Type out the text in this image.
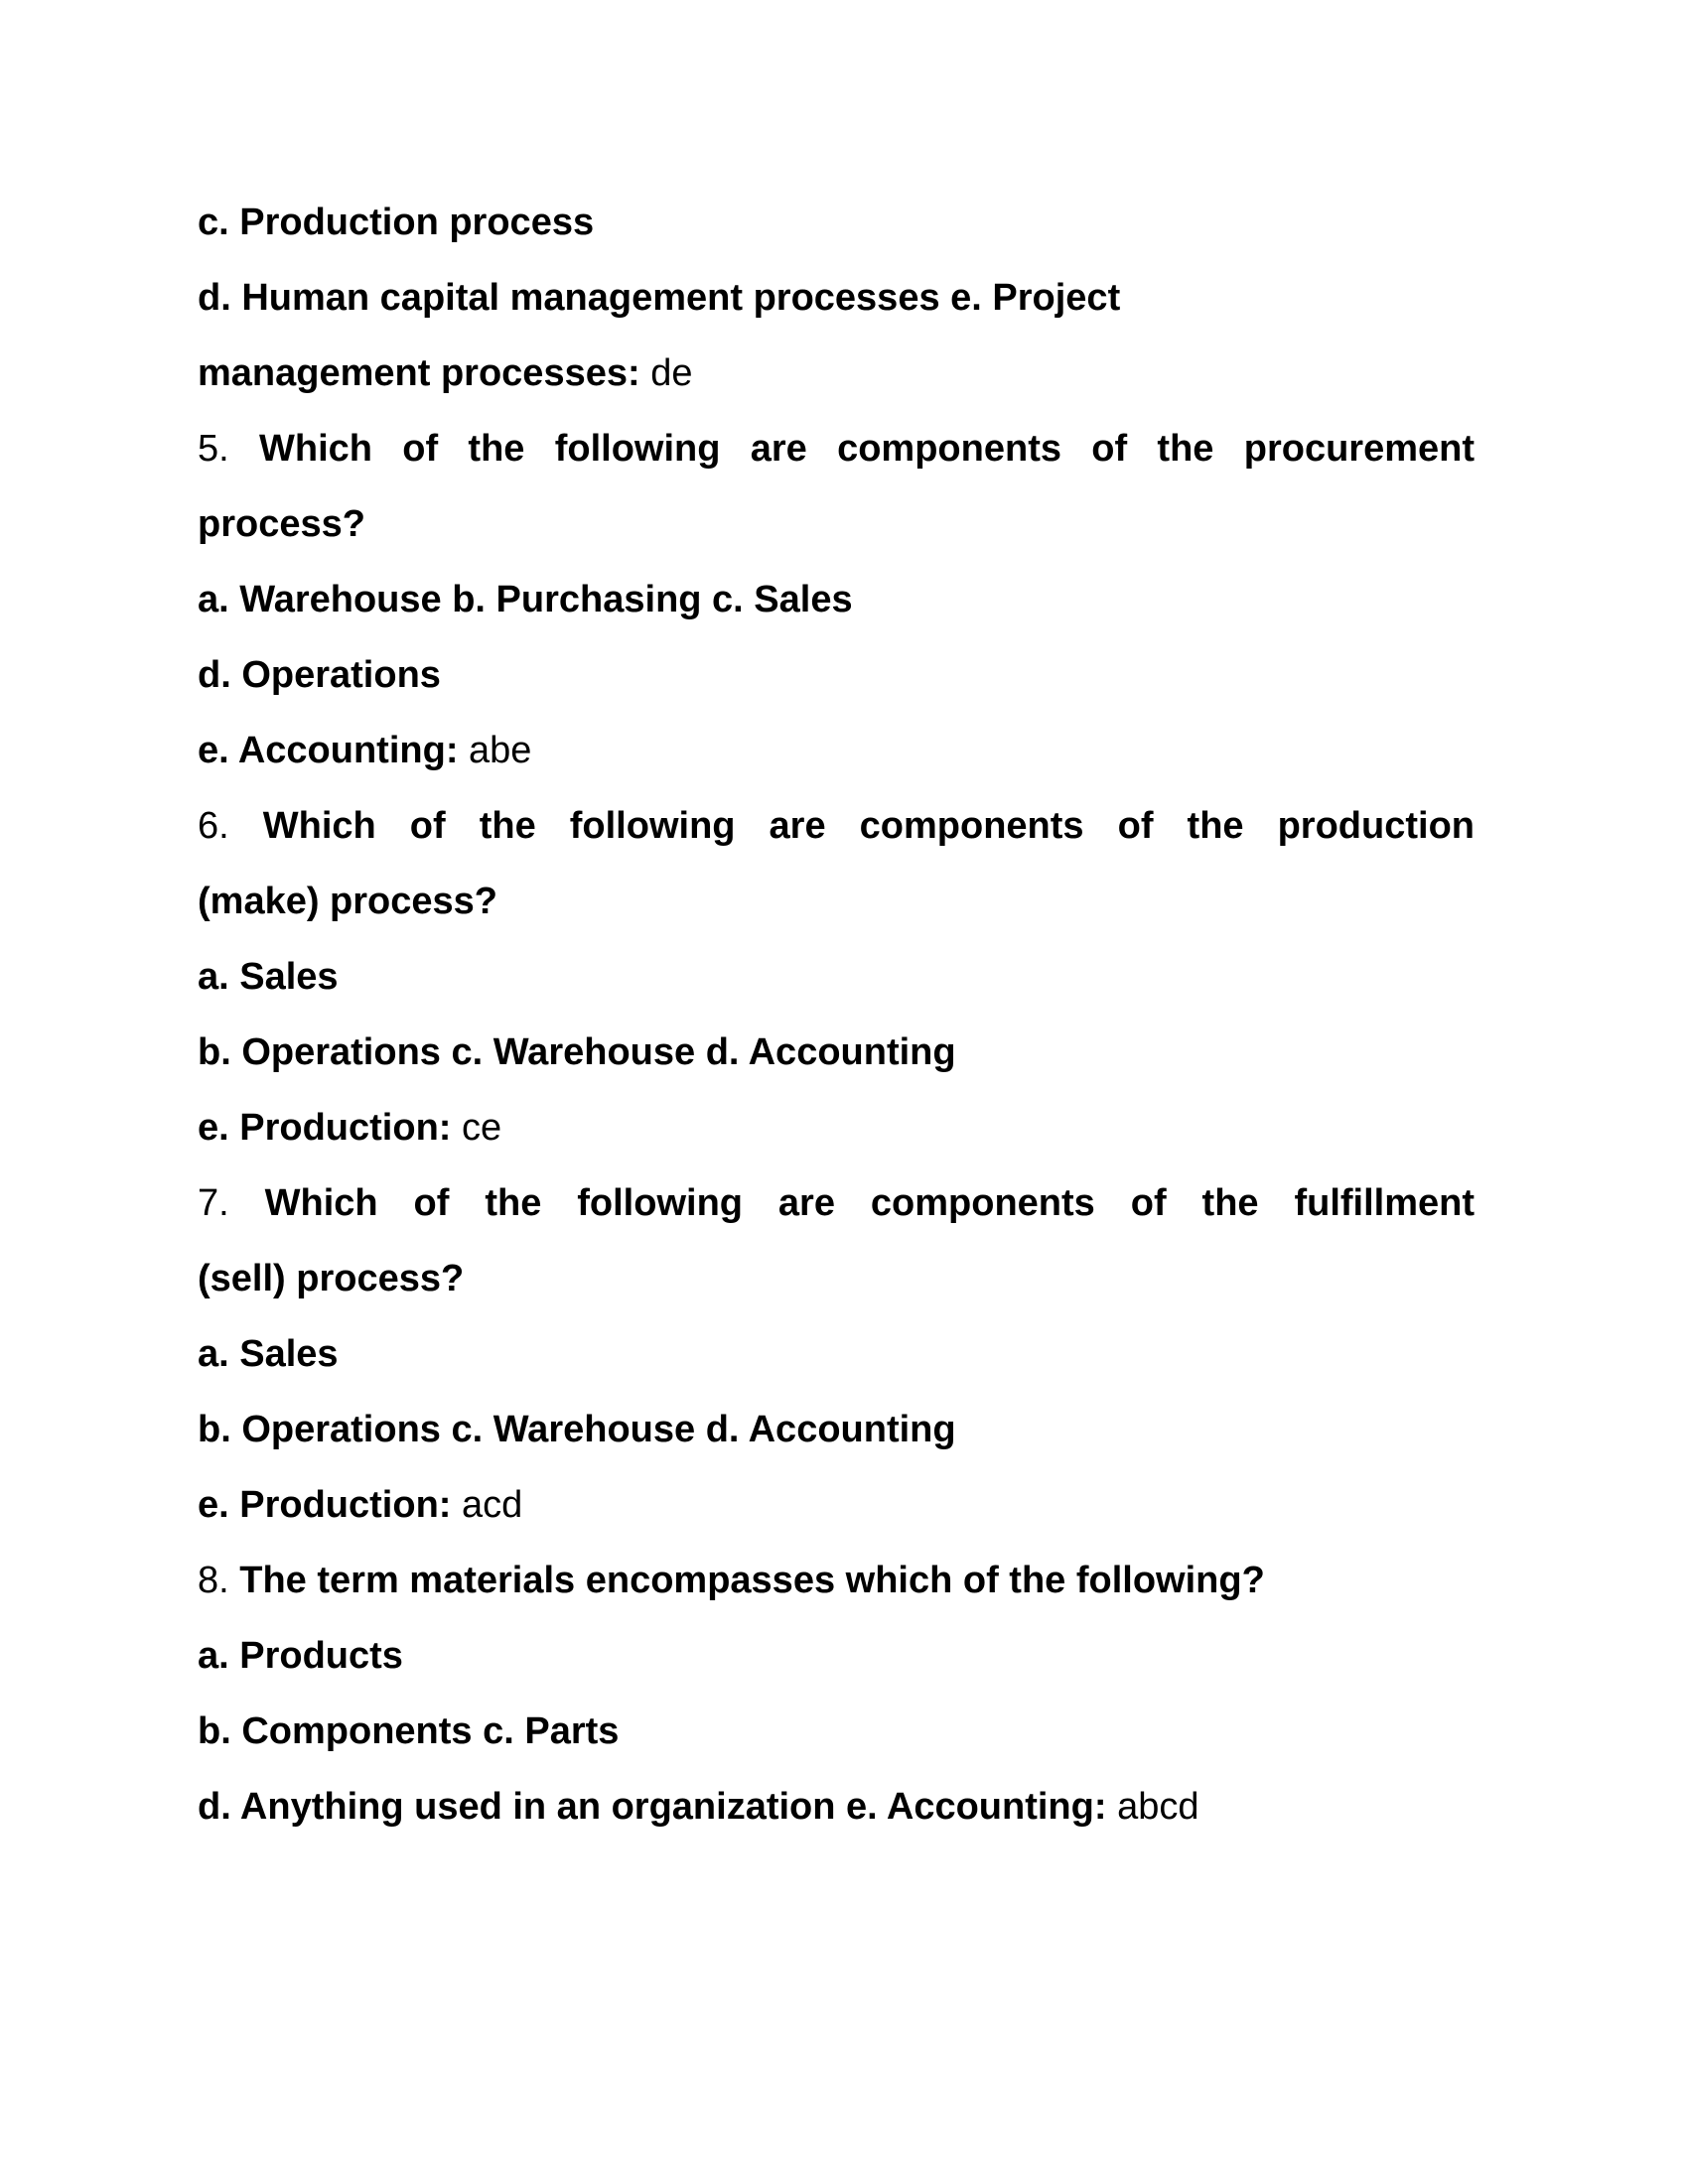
c. Production process
d. Human capital management processes e. Project
management processes: de
5. Which of the following are components of the procurement
process?
a. Warehouse b. Purchasing c. Sales
d. Operations
e. Accounting: abe
6. Which of the following are components of the production
(make) process?
a. Sales
b. Operations c. Warehouse d. Accounting
e. Production: ce
7. Which of the following are components of the fulfillment
(sell) process?
a. Sales
b. Operations c. Warehouse d. Accounting
e. Production: acd
8. The term materials encompasses which of the following?
a. Products
b. Components c. Parts
d. Anything used in an organization e. Accounting: abcd
